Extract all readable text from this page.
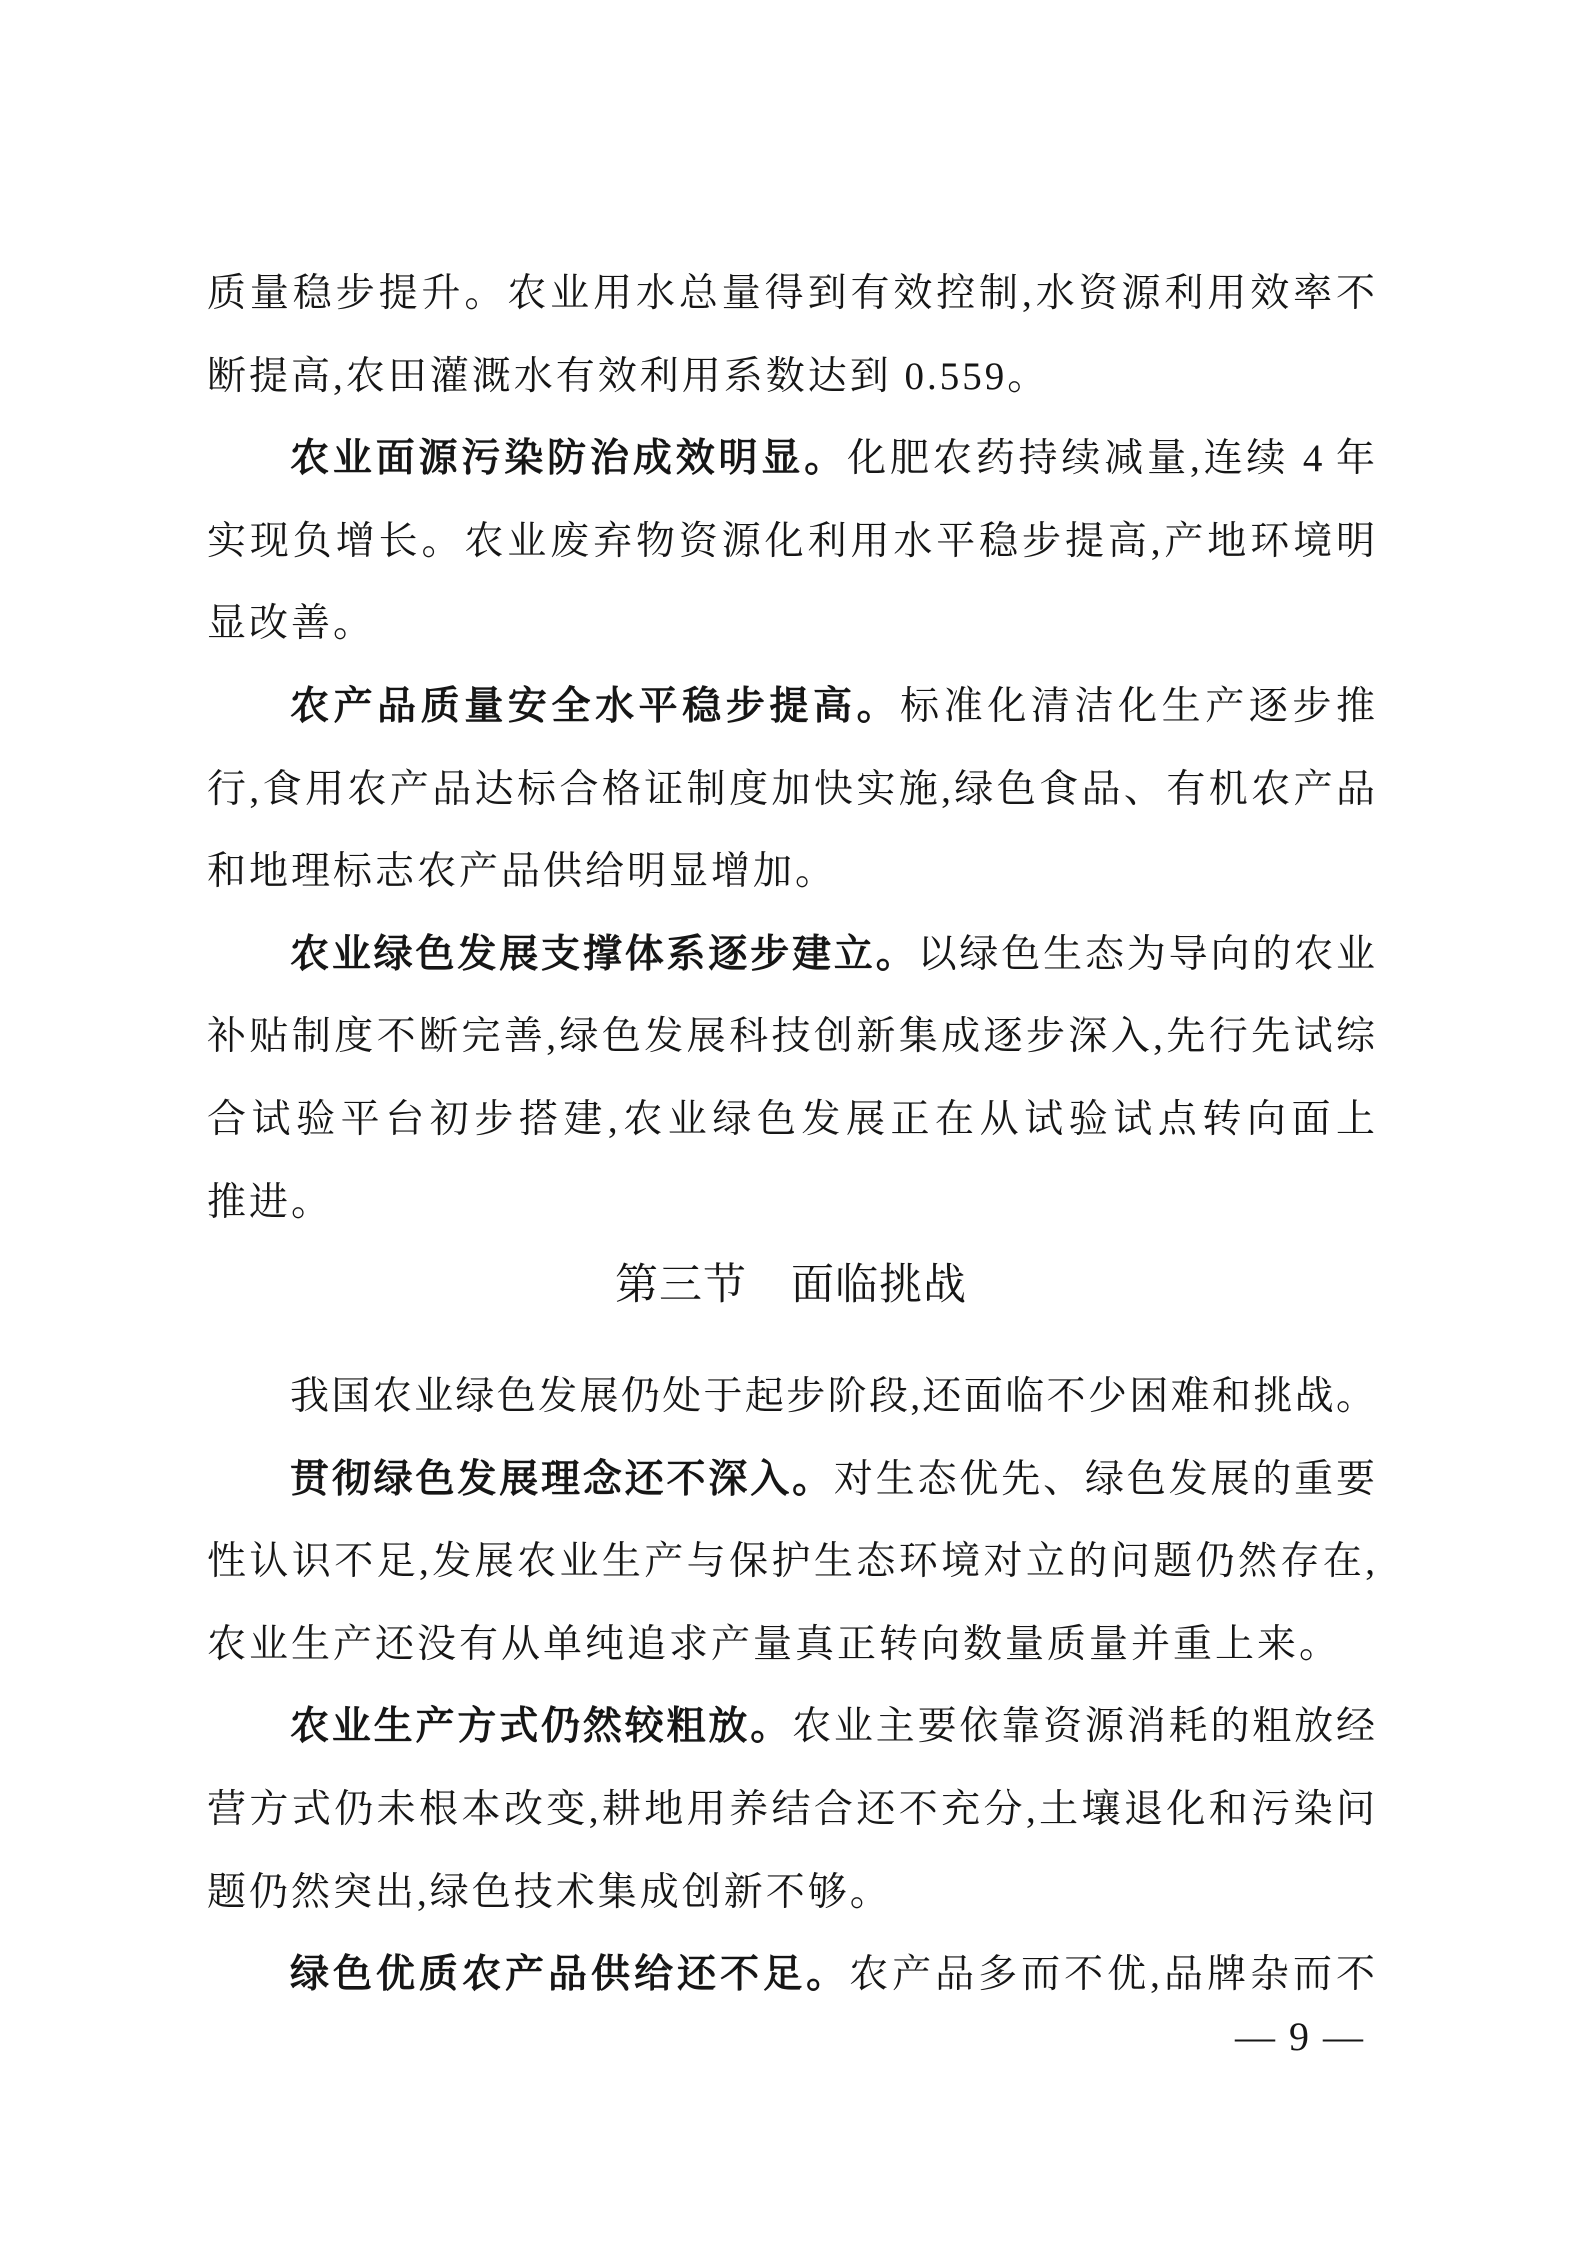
质量稳步提升。农业用水总量得到有效控制,水资源利用效率不
断提高,农田灌溉水有效利用系数达到 0.559。
农业面源污染防治成效明显。化肥农药持续减量,连续 4 年
实现负增长。农业废弃物资源化利用水平稳步提高,产地环境明
显改善。
农产品质量安全水平稳步提高。标准化清洁化生产逐步推
行,食用农产品达标合格证制度加快实施,绿色食品、有机农产品
和地理标志农产品供给明显增加。
农业绿色发展支撑体系逐步建立。以绿色生态为导向的农业
补贴制度不断完善,绿色发展科技创新集成逐步深入,先行先试综
合试验平台初步搭建,农业绿色发展正在从试验试点转向面上
推进。
第三节　面临挑战
我国农业绿色发展仍处于起步阶段,还面临不少困难和挑战。
贯彻绿色发展理念还不深入。对生态优先、绿色发展的重要
性认识不足,发展农业生产与保护生态环境对立的问题仍然存在,
农业生产还没有从单纯追求产量真正转向数量质量并重上来。
农业生产方式仍然较粗放。农业主要依靠资源消耗的粗放经
营方式仍未根本改变,耕地用养结合还不充分,土壤退化和污染问
题仍然突出,绿色技术集成创新不够。
绿色优质农产品供给还不足。农产品多而不优,品牌杂而不
— 9 —
